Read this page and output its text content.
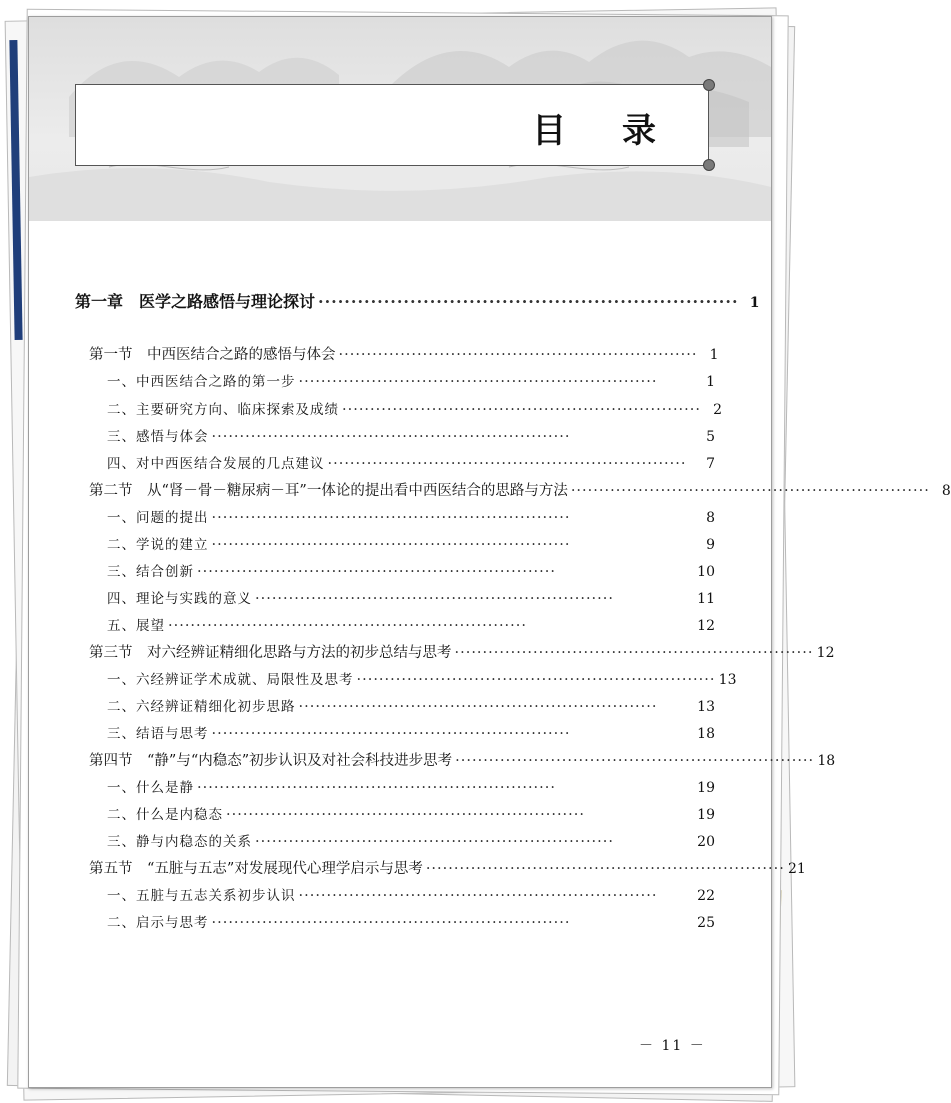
目 录
第一章　医学之路感悟与理论探讨 ································································ 1
第一节　中西医结合之路的感悟与体会 ································································ 1
一、中西医结合之路的第一步 ································································	1
二、主要研究方向、临床探索及成绩 ································································ 2
三、感悟与体会 ································································	5
四、对中西医结合发展的几点建议 ································································	7
第二节　从“肾－骨－糖尿病－耳”一体论的提出看中西医结合的思路与方法 ································································ 8
一、问题的提出 ································································	8
二、学说的建立 ································································	9
三、结合创新 ································································	10
四、理论与实践的意义 ································································	11
五、展望 ································································	12
第三节　对六经辨证精细化思路与方法的初步总结与思考 ································································ 12
一、六经辨证学术成就、局限性及思考 ································································ 13
二、六经辨证精细化初步思路 ································································	13
三、结语与思考 ································································	18
第四节　“静”与“内稳态”初步认识及对社会科技进步思考 ································································ 18
一、什么是静 ································································	19
二、什么是内稳态 ································································	19
三、静与内稳态的关系 ································································	20
第五节　“五脏与五志”对发展现代心理学启示与思考 ································································ 21
一、五脏与五志关系初步认识 ································································	22
二、启示与思考 ································································	25
－ 11 －
